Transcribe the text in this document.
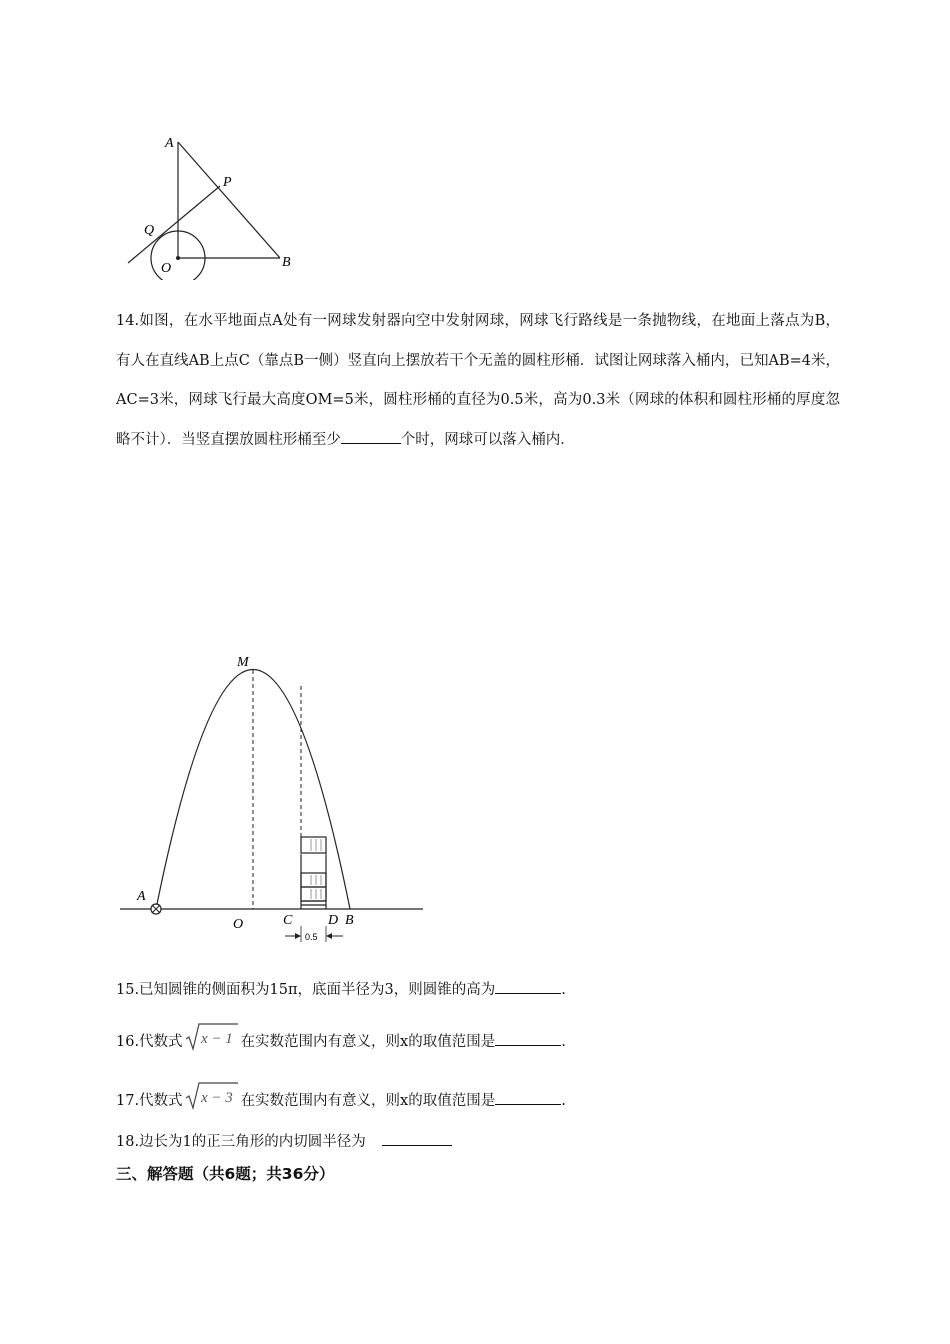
A
P
Q
O	B
14.如图，在水平地面点A处有一网球发射器向空中发射网球，网球飞行路线是一条抛物线，在地面上落点为B，有人在直线AB上点C（靠点B一侧）竖直向上摆放若干个无盖的圆柱形桶．试图让网球落入桶内，已知AB=4米，AC=3米，网球飞行最大高度OM=5米，圆柱形桶的直径为0.5米，高为0.3米（网球的体积和圆柱形桶的厚度忽略不计）．当竖直摆放圆柱形桶至少	个时，网球可以落入桶内．
0.5
M
A
O	C	D B
15.已知圆锥的侧面积为15π，底面半径为3，则圆锥的高为	.
16.代数式 x − 1 在实数范围内有意义，则x的取值范围是	.
17.代数式 x − 3 在实数范围内有意义，则x的取值范围是	.
18.边长为1的正三角形的内切圆半径为
三、解答题（共6题；共36分）
